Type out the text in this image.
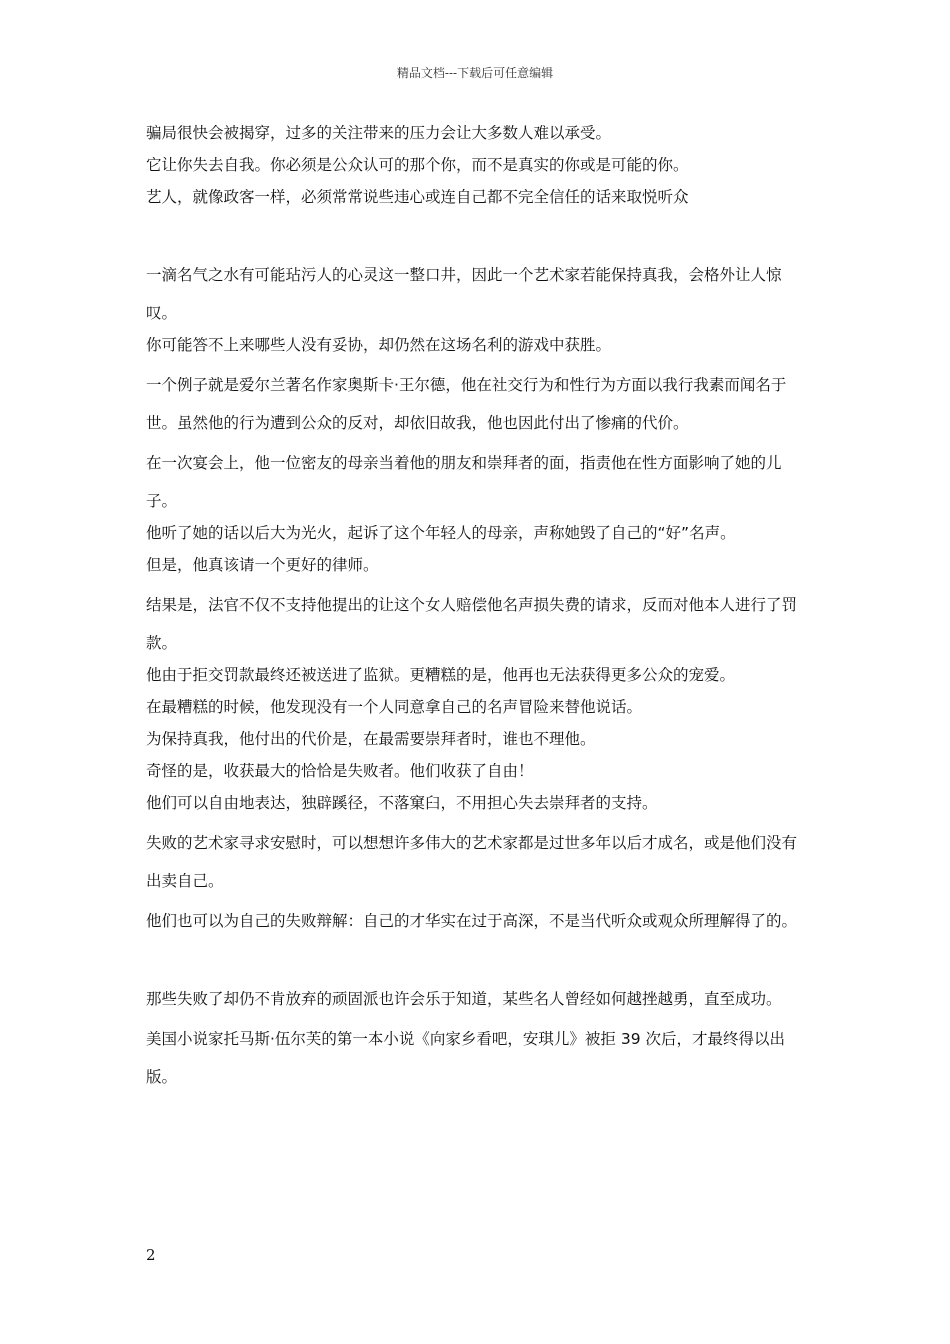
精品文档---下载后可任意编辑

骗局很快会被揭穿，过多的关注带来的压力会让大多数人难以承受。

它让你失去自我。你必须是公众认可的那个你，而不是真实的你或是可能的你。

艺人，就像政客一样，必须常常说些违心或连自己都不完全信任的话来取悦听众

一滴名气之水有可能玷污人的心灵这一整口井，因此一个艺术家若能保持真我，会格外让人惊叹。

你可能答不上来哪些人没有妥协，却仍然在这场名利的游戏中获胜。

一个例子就是爱尔兰著名作家奥斯卡·王尔德，他在社交行为和性行为方面以我行我素而闻名于世。虽然他的行为遭到公众的反对，却依旧故我，他也因此付出了惨痛的代价。

在一次宴会上，他一位密友的母亲当着他的朋友和崇拜者的面，指责他在性方面影响了她的儿子。

他听了她的话以后大为光火，起诉了这个年轻人的母亲，声称她毁了自己的“好”名声。

但是，他真该请一个更好的律师。

结果是，法官不仅不支持他提出的让这个女人赔偿他名声损失费的请求，反而对他本人进行了罚款。

他由于拒交罚款最终还被送进了监狱。更糟糕的是，他再也无法获得更多公众的宠爱。

在最糟糕的时候，他发现没有一个人同意拿自己的名声冒险来替他说话。

为保持真我，他付出的代价是，在最需要崇拜者时，谁也不理他。

奇怪的是，收获最大的恰恰是失败者。他们收获了自由！

他们可以自由地表达，独辟蹊径，不落窠臼，不用担心失去崇拜者的支持。

失败的艺术家寻求安慰时，可以想想许多伟大的艺术家都是过世多年以后才成名，或是他们没有出卖自己。

他们也可以为自己的失败辩解：自己的才华实在过于高深，不是当代听众或观众所理解得了的。

那些失败了却仍不肯放弃的顽固派也许会乐于知道，某些名人曾经如何越挫越勇，直至成功。

美国小说家托马斯·伍尔芙的第一本小说《向家乡看吧，安琪儿》被拒 39 次后，才最终得以出版。

2
